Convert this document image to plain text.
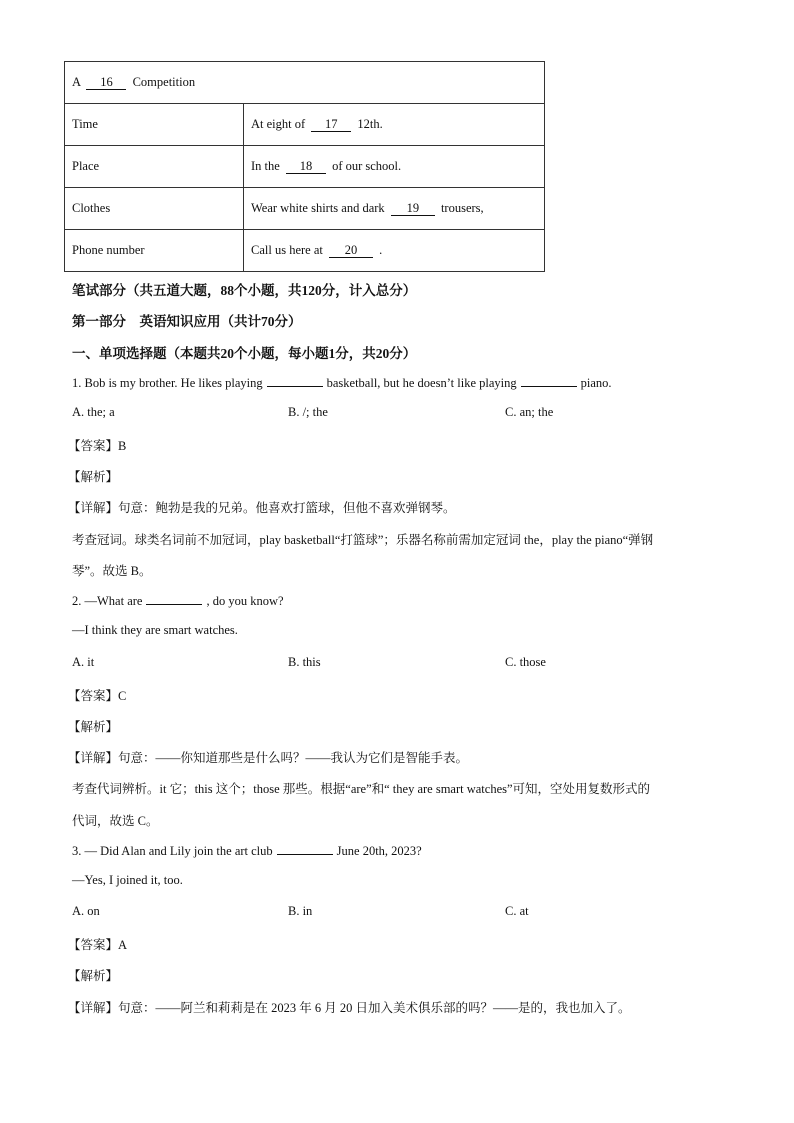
A 16 Competition	
Time	At eight of 17 12th.
Place	In the 18 of our school.
Clothes	Wear white shirts and dark 19 trousers,
Phone number	Call us here at 20 .
笔试部分（共五道大题，88个小题，共120分，计入总分）
第一部分　英语知识应用（共计70分）
一、单项选择题（本题共20个小题，每小题1分，共20分）
1. Bob is my brother. He likes playing	basketball, but he doesn’t like playing	piano.
A. the; a	B. /; the	C. an; the
【答案】B
【解析】
【详解】句意：鲍勃是我的兄弟。他喜欢打篮球，但他不喜欢弹钢琴。
考查冠词。球类名词前不加冠词，play basketball“打篮球”；乐器名称前需加定冠词 the，play the piano“弹钢
琴”。故选 B。
2. —What are	, do you know?
—I think they are smart watches.
A. it	B. this	C. those
【答案】C
【解析】
【详解】句意：——你知道那些是什么吗？——我认为它们是智能手表。
考查代词辨析。it 它；this 这个；those 那些。根据“are”和“ they are smart watches”可知，空处用复数形式的
代词，故选 C。
3. — Did Alan and Lily join the art club	June 20th, 2023?
—Yes, I joined it, too.
A. on	B. in	C. at
【答案】A
【解析】
【详解】句意：——阿兰和莉莉是在 2023 年 6 月 20 日加入美术俱乐部的吗？——是的，我也加入了。
